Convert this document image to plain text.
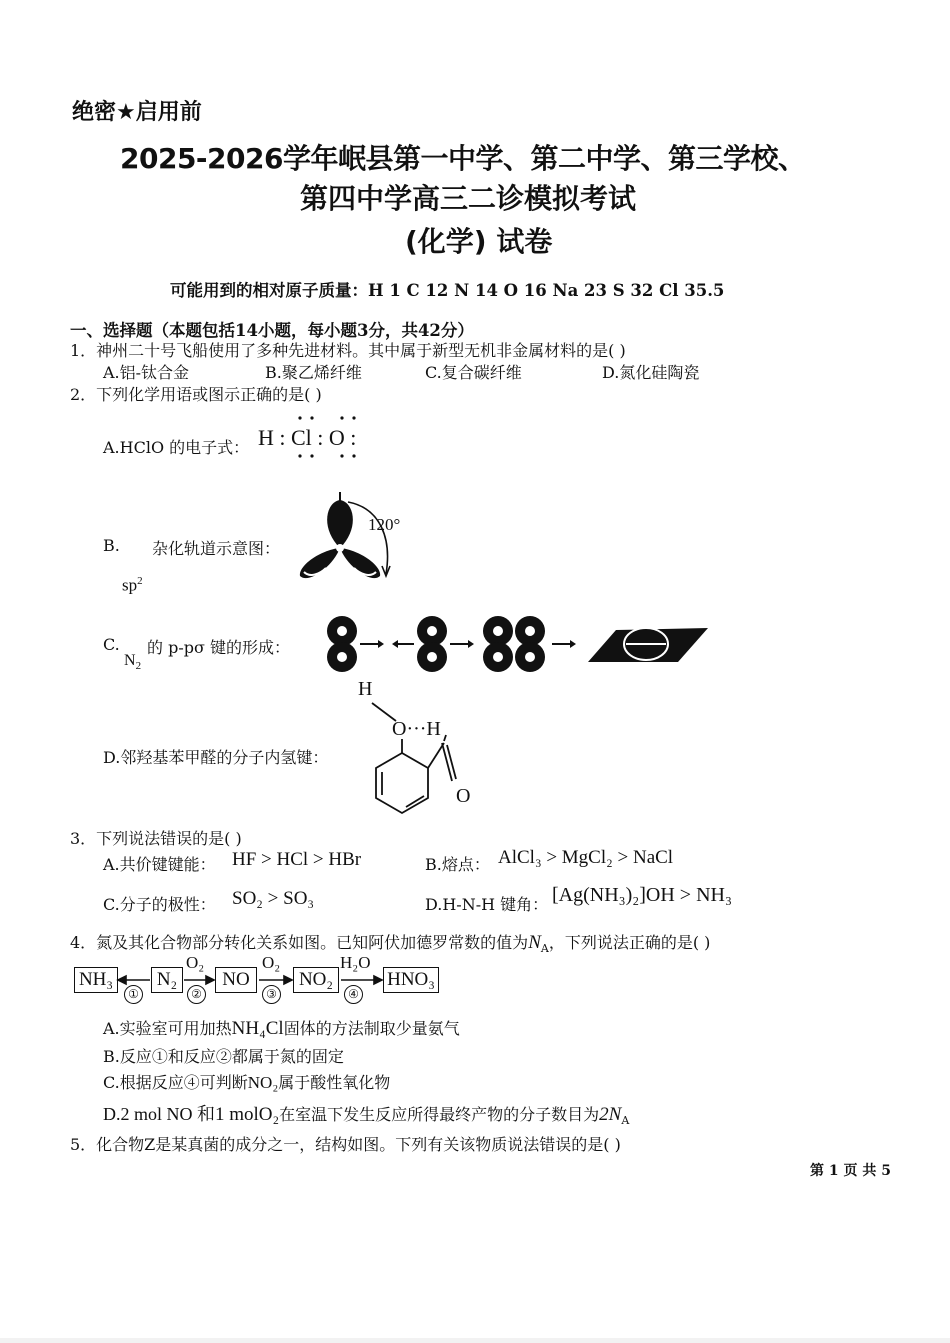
绝密★启用前
2025-2026学年岷县第一中学、第二中学、第三学校、
第四中学高三二诊模拟考试
(化学) 试卷
可能用到的相对原子质量：H 1 C 12 N 14 O 16 Na 23 S 32 Cl 35.5
一、选择题（本题包括14小题，每小题3分，共42分）
1．神州二十号飞船使用了多种先进材料。其中属于新型无机非金属材料的是( )
A.铝-钛合金	B.聚乙烯纤维	C.复合碳纤维	D.氮化硅陶瓷
2．下列化学用语或图示正确的是( )
A.HClO 的电子式： H : Cl : O :
B. 杂化轨道示意图：
$sp^2$
120°
C. 的 p-pσ 键的形成：
$N_2$
D.邻羟基苯甲醛的分子内氢键：
H
O···H
O
3．下列说法错误的是( )
A.共价键键能： HF > HCl > HBr	B.熔点： AlCl₃ > MgCl₂ > NaCl
C.分子的极性： SO₂ > SO₃	D.H-N-H 键角： [Ag(NH₃)₂]OH > NH₃
4．氮及其化合物部分转化关系如图。已知阿伏加德罗常数的值为$N_A$，下列说法正确的是( )
NH₃	N₂	NO	NO₂	HNO₃
O₂	O₂	H₂O
①	②	③	④
A.实验室可用加热NH₄Cl固体的方法制取少量氨气
B.反应①和反应②都属于氮的固定
C.根据反应④可判断NO₂属于酸性氧化物
D.2 mol NO 和1 molO₂在室温下发生反应所得最终产物的分子数目为$2N_A$
5．化合物Z是某真菌的成分之一，结构如图。下列有关该物质说法错误的是( )
第 1 页 共 5
